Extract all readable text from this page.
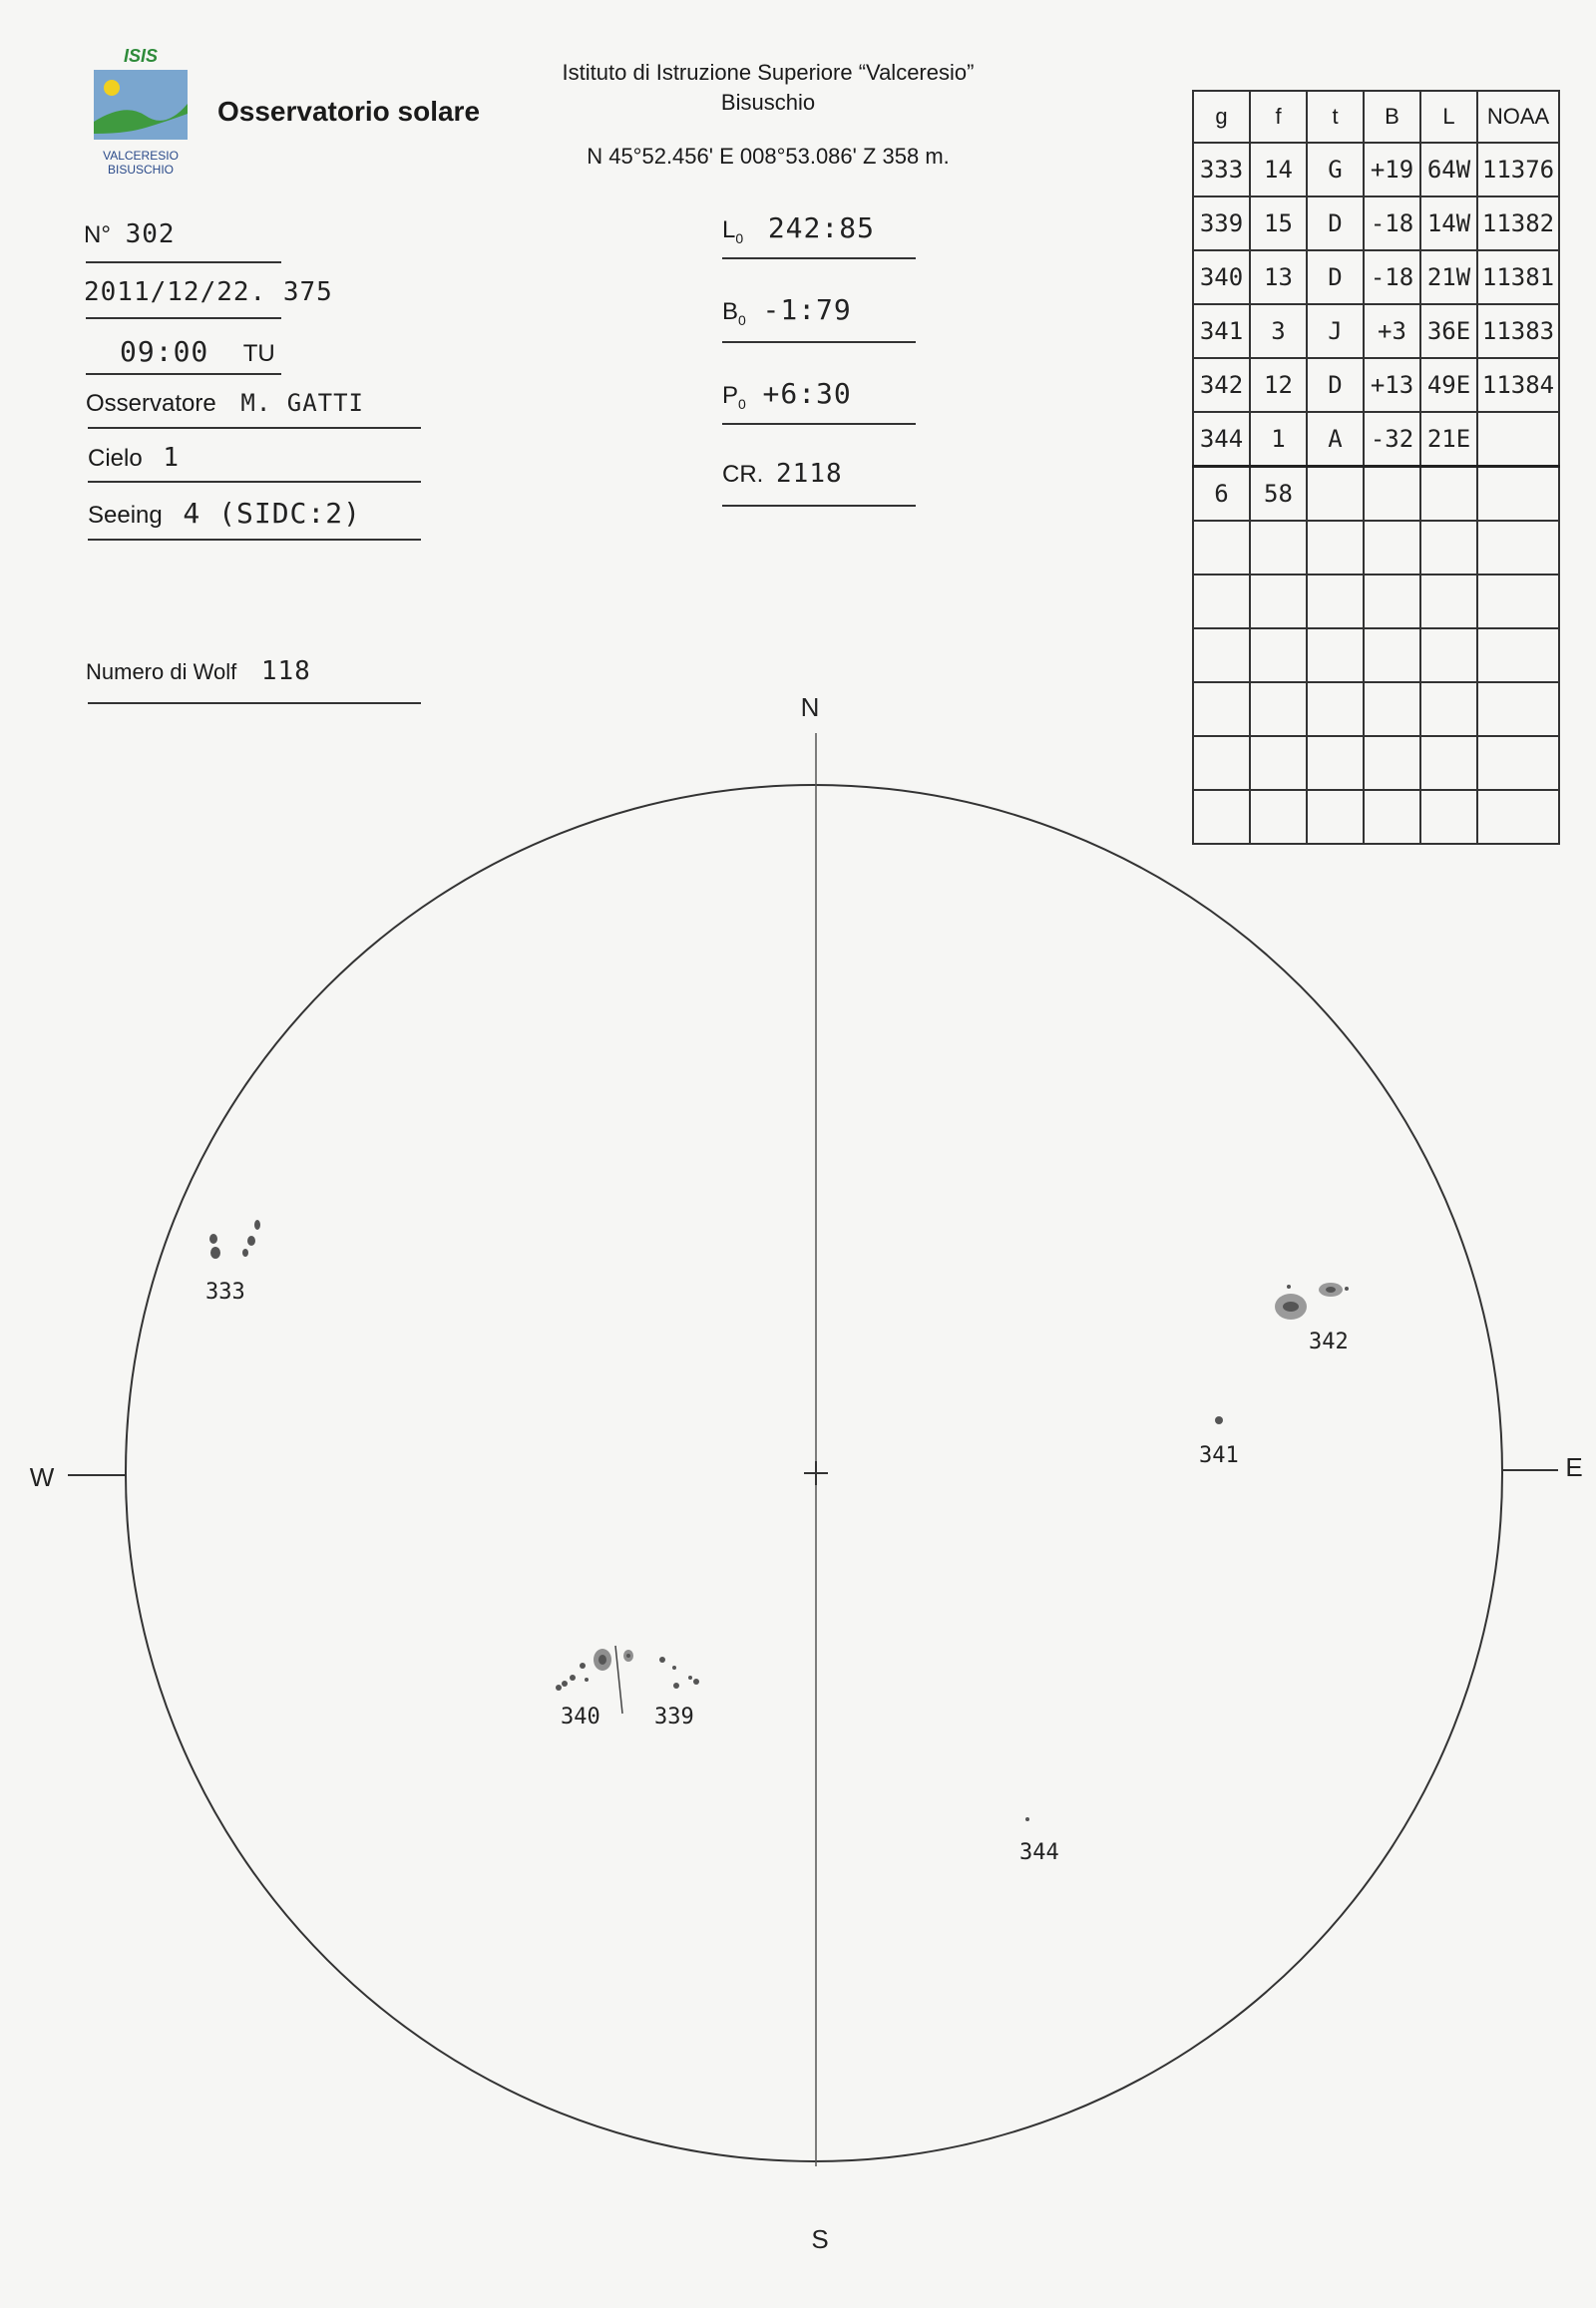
ISIS
VALCERESIO
BISUSCHIO
Osservatorio solare
Istituto di Istruzione Superiore “Valceresio”
Bisuschio
N 45°52.456' E 008°53.086' Z 358 m.
N° 302
2011/12/22. 375
09:00 TU
Osservatore M. GATTI
Cielo 1
Seeing 4 (SIDC:2)
Numero di Wolf 118
$L_0$ 242:85
$B_0$ -1:79
$P_0$ +6:30
CR. 2118
g	f	t	B	L	NOAA
333	14	G	+19	64W	11376
339	15	D	-18	14W	11382
340	13	D	-18	21W	11381
341	3	J	+3	36E	11383
342	12	D	+13	49E	11384
344	1	A	-32	21E	
6	58				

N
S
W	E
333
342
341
340 339
344
